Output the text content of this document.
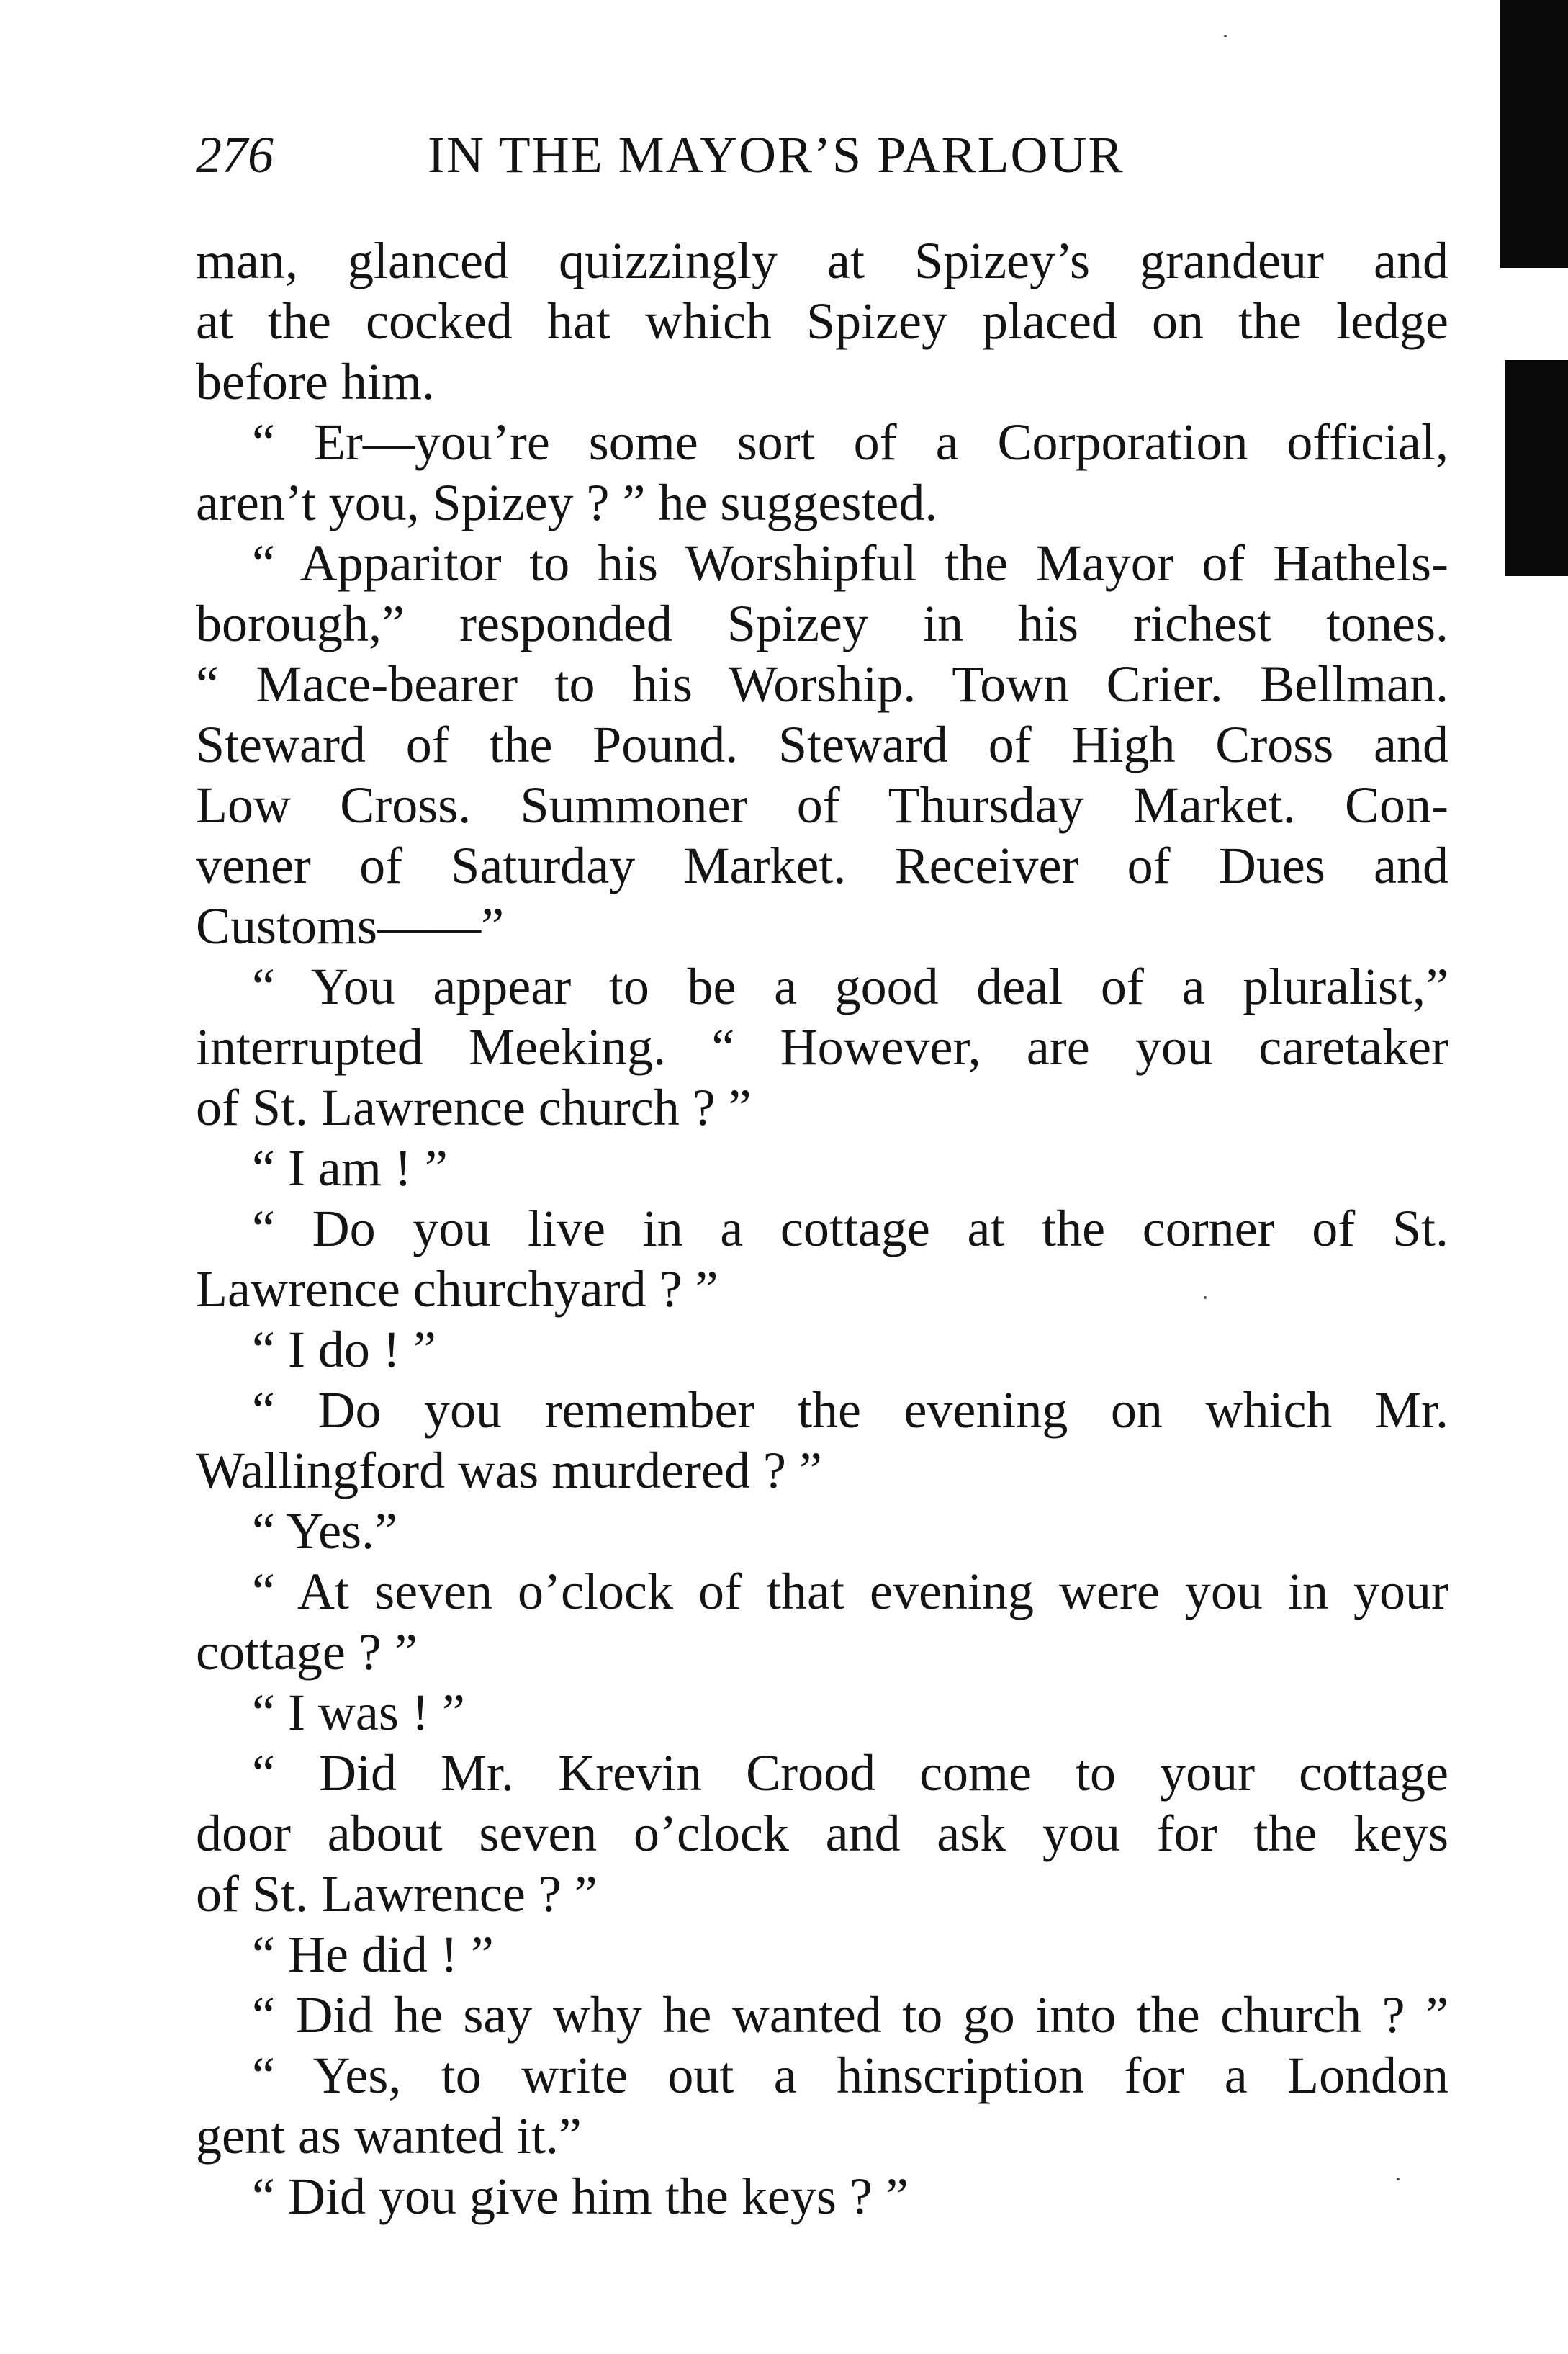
276	IN THE MAYOR’S PARLOUR
man, glanced quizzingly at Spizey’s grandeur and
at the cocked hat which Spizey placed on the ledge
before him.
“ Er—you’re some sort of a Corporation official,
aren’t you, Spizey ? ” he suggested.
“ Apparitor to his Worshipful the Mayor of Hathels-
borough,” responded Spizey in his richest tones.
“ Mace-bearer to his Worship. Town Crier. Bellman.
Steward of the Pound. Steward of High Cross and
Low Cross. Summoner of Thursday Market. Con-
vener of Saturday Market. Receiver of Dues and
Customs——”
“ You appear to be a good deal of a pluralist,”
interrupted Meeking. “ However, are you caretaker
of St. Lawrence church ? ”
“ I am ! ”
“ Do you live in a cottage at the corner of St.
Lawrence churchyard ? ”
“ I do ! ”
“ Do you remember the evening on which Mr.
Wallingford was murdered ? ”
“ Yes.”
“ At seven o’clock of that evening were you in your
cottage ? ”
“ I was ! ”
“ Did Mr. Krevin Crood come to your cottage
door about seven o’clock and ask you for the keys
of St. Lawrence ? ”
“ He did ! ”
“ Did he say why he wanted to go into the church ? ”
“ Yes, to write out a hinscription for a London
gent as wanted it.”
“ Did you give him the keys ? ”
